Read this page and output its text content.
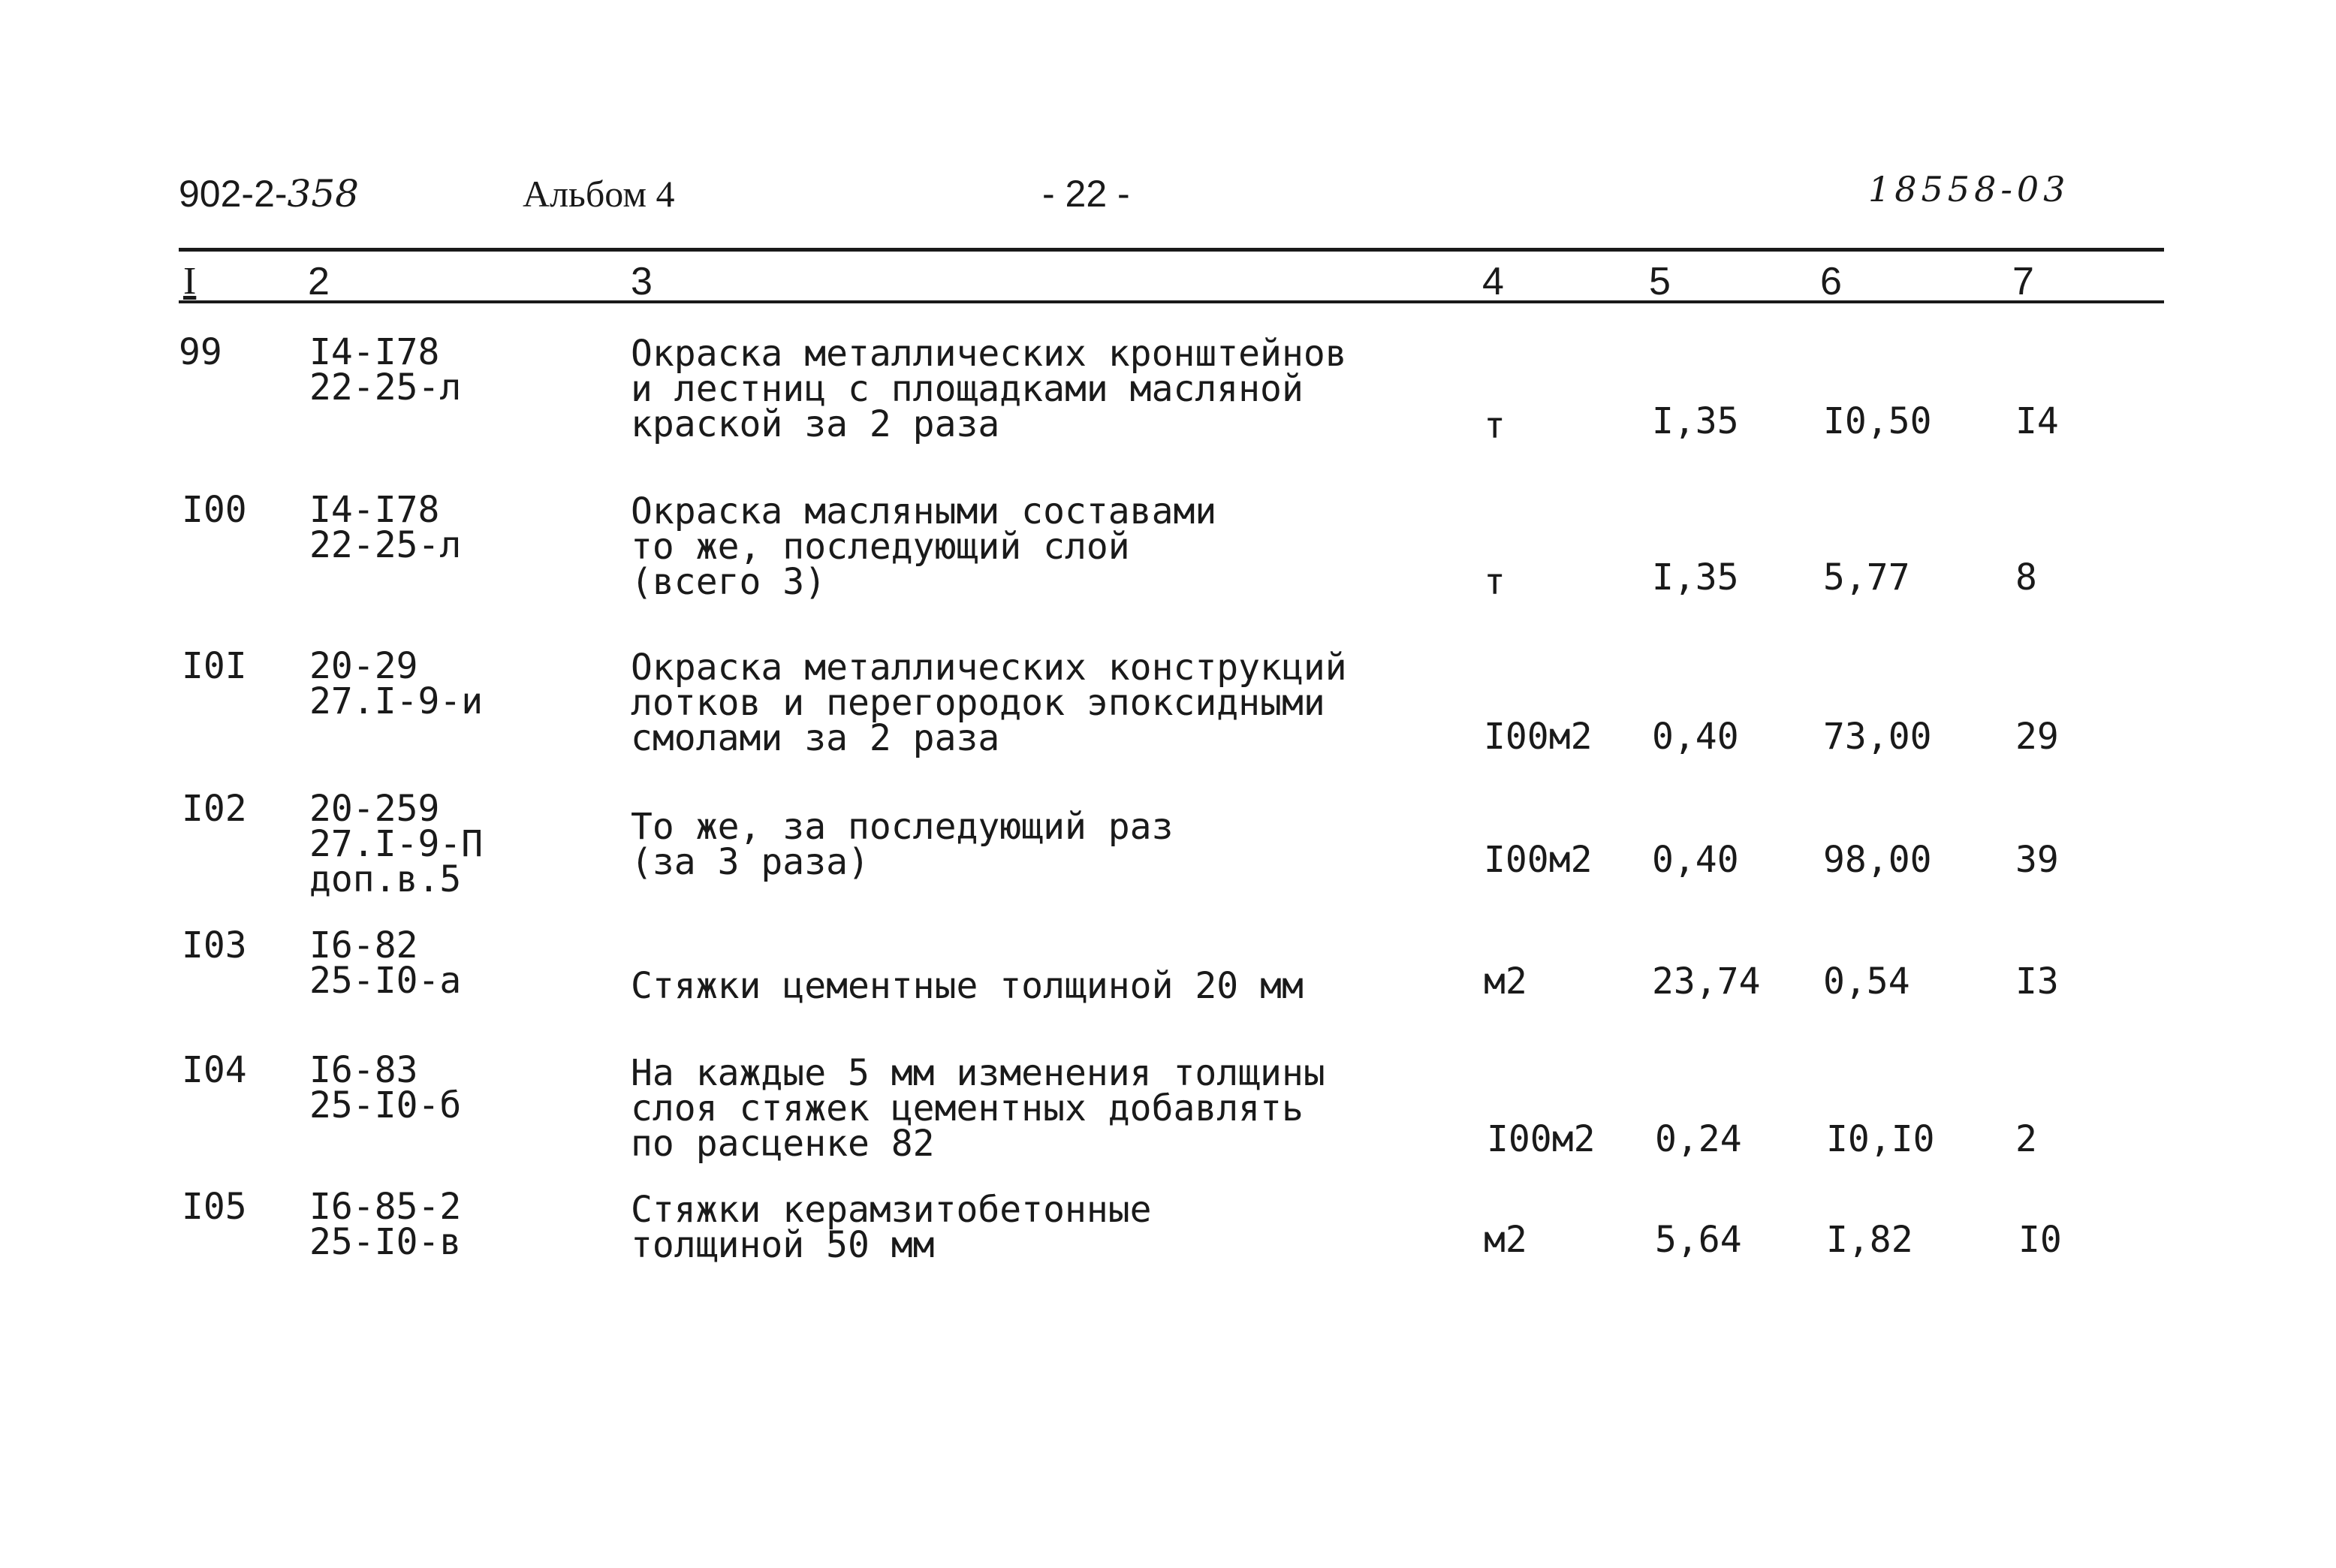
902-2-358	Альбом 4	- 22 -	18558-03
I	2	3	4	5	6	7
99 I4-I78
22-25-л
Окраска металлических кронштейнов
и лестниц с площадками масляной
краской за 2 раза	т	I,35 I0,50 I4
I00 I4-I78
22-25-л
Окраска масляными составами
то же, последующий слой
(всего 3)	т	I,35 5,77	8
I0I 20-29
27.I-9-и
Окраска металлических конструкций
лотков и перегородок эпоксидными
смолами за 2 раза	I00м2 0,40 73,00 29
I02 20-259
27.I-9-П
доп.в.5
То же, за последующий раз
(за 3 раза)	I00м2 0,40 98,00 39
I03 I6-82
25-I0-а	Стяжки цементные толщиной 20 мм	м2	23,74 0,54	I3
I04 I6-83
25-I0-б
На каждые 5 мм изменения толщины
слоя стяжек цементных добавлять
по расценке 82	I00м2 0,24 I0,I0 2
I05 I6-85-2
25-I0-в
Стяжки керамзитобетонные
толщиной 50 мм	м2	5,64 I,82	I0
